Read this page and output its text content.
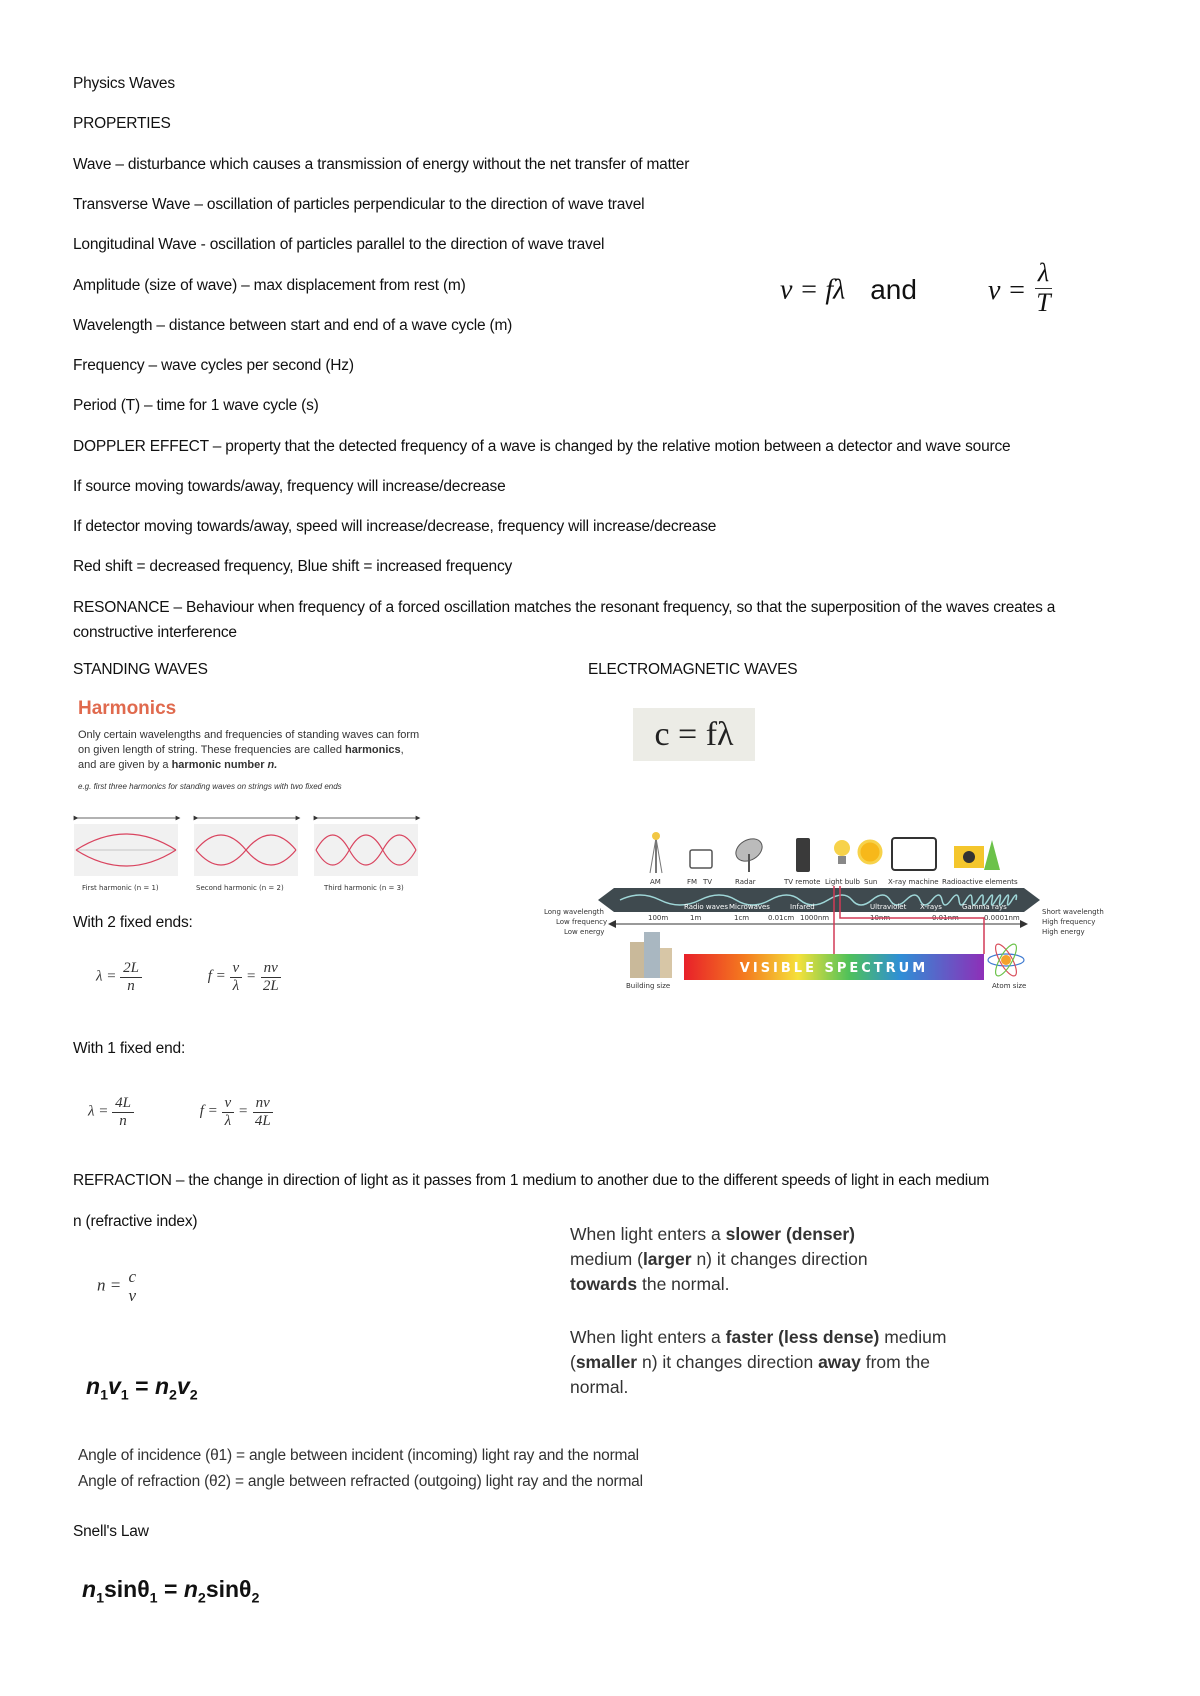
Physics Waves
PROPERTIES
Wave – disturbance which causes a transmission of energy without the net transfer of matter
Transverse Wave – oscillation of particles perpendicular to the direction of wave travel
Longitudinal Wave - oscillation of particles parallel to the direction of wave travel
Amplitude (size of wave) – max displacement from rest (m)
Wavelength – distance between start and end of a wave cycle (m)
Frequency – wave cycles per second (Hz)
Period (T) – time for 1 wave cycle (s)
v = fλ and	$v = \frac{\lambda}{T}$
DOPPLER EFFECT – property that the detected frequency of a wave is changed by the relative motion between a detector and wave source
If source moving towards/away, frequency will increase/decrease
If detector moving towards/away, speed will increase/decrease, frequency will increase/decrease
Red shift = decreased frequency, Blue shift = increased frequency
RESONANCE – Behaviour when frequency of a forced oscillation matches the resonant frequency, so that the superposition of the waves creates a constructive interference
STANDING WAVES	ELECTROMAGNETIC WAVES
Harmonics
Only certain wavelengths and frequencies of standing waves can form on given length of string. These frequencies are called harmonics, and are given by a harmonic number n.
e.g. first three harmonics for standing waves on strings with two fixed ends
First harmonic (n = 1)	Second harmonic (n = 2)	Third harmonic (n = 3)
With 2 fixed ends:
$\lambda = \frac{2L}{n}$	$f = \frac{v}{\lambda} = \frac{nv}{2L}$
With 1 fixed end:
$\lambda = \frac{4L}{n}$	$f = \frac{v}{\lambda} = \frac{nv}{4L}$
c = fλ
AM	FM TV	Radar	TV remote Light bulb Sun X-ray machine Radioactive elements
Radio waves Microwaves	Infared	Ultraviolet X-rays	Gamma rays
100m	1m	1cm	0.01cm 1000nm	10nm	0.01nm	0.0001nm
Long wavelength
Low frequency
Low energy
Short wavelength
High frequency
High energy
VISIBLE SPECTRUM
Building size	Atom size
REFRACTION – the change in direction of light as it passes from 1 medium to another due to the different speeds of light in each medium
n (refractive index)
n = c
v
$n_1v_1 = n_2v_2$
When light enters a slower (denser) medium (larger n) it changes direction towards the normal.
When light enters a faster (less dense) medium (smaller n) it changes direction away from the normal.
Angle of incidence (θ1) = angle between incident (incoming) light ray and the normal
Angle of refraction (θ2) = angle between refracted (outgoing) light ray and the normal
Snell's Law
$n_1\sin\theta_1 = n_2\sin\theta_2$
